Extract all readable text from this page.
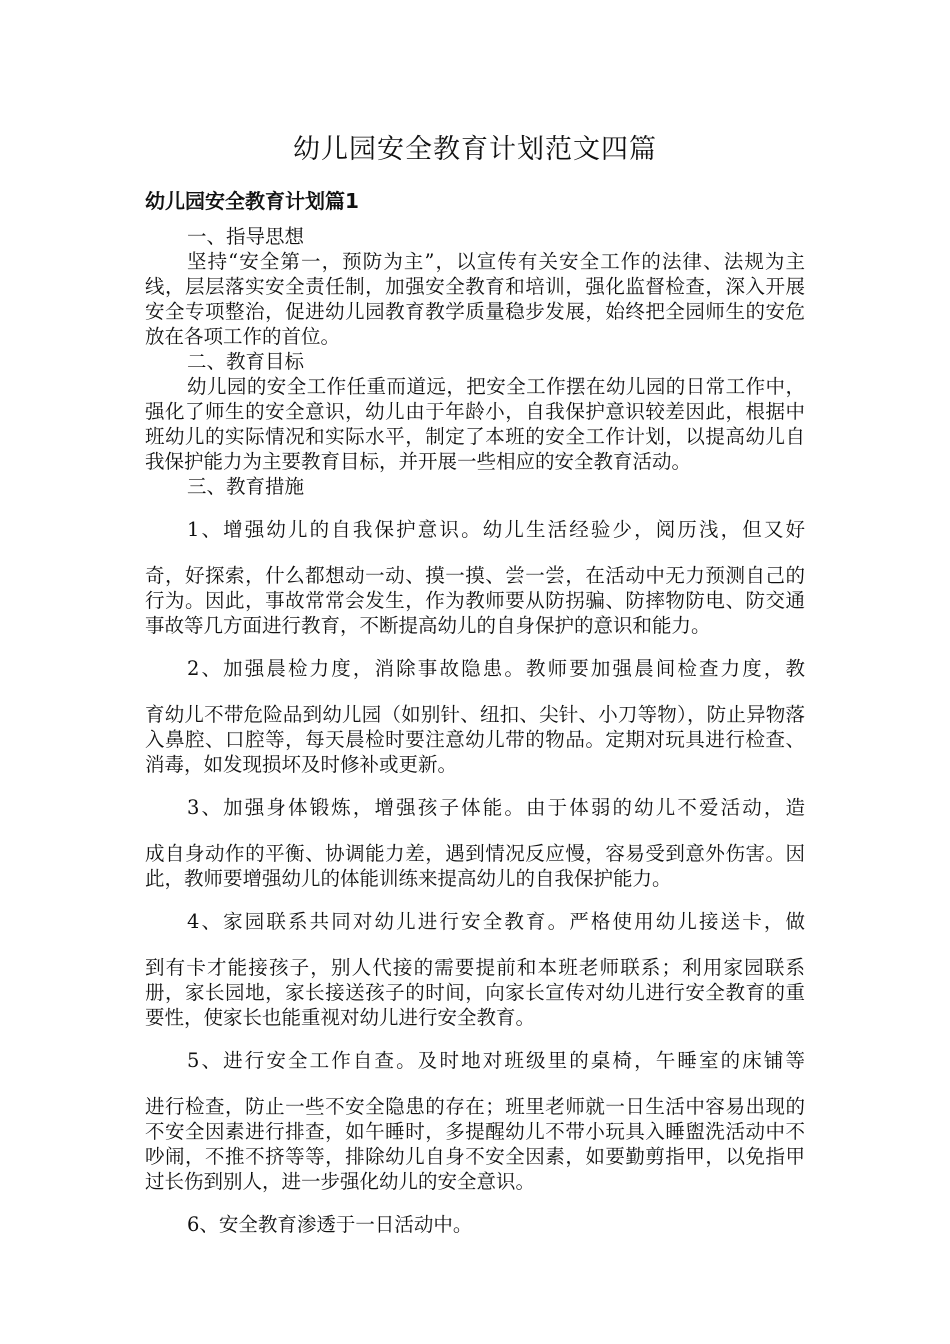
幼儿园安全教育计划范文四篇
幼儿园安全教育计划篇1
一、指导思想

坚持“安全第一，预防为主”，以宣传有关安全工作的法律、法规为主线，层层落实安全责任制，加强安全教育和培训，强化监督检查，深入开展安全专项整治，促进幼儿园教育教学质量稳步发展，始终把全园师生的安危放在各项工作的首位。

二、教育目标

幼儿园的安全工作任重而道远，把安全工作摆在幼儿园的日常工作中，强化了师生的安全意识，幼儿由于年龄小，自我保护意识较差因此，根据中班幼儿的实际情况和实际水平，制定了本班的安全工作计划，以提高幼儿自我保护能力为主要教育目标，并开展一些相应的安全教育活动。

三、教育措施
1、增强幼儿的自我保护意识。幼儿生活经验少，阅历浅，但又好
奇，好探索，什么都想动一动、摸一摸、尝一尝，在活动中无力预测自己的行为。因此，事故常常会发生，作为教师要从防拐骗、防摔物防电、防交通事故等几方面进行教育，不断提高幼儿的自身保护的意识和能力。
2、加强晨检力度，消除事故隐患。教师要加强晨间检查力度，教
育幼儿不带危险品到幼儿园（如别针、纽扣、尖针、小刀等物），防止异物落入鼻腔、口腔等，每天晨检时要注意幼儿带的物品。定期对玩具进行检查、消毒，如发现损坏及时修补或更新。
3、加强身体锻炼，增强孩子体能。由于体弱的幼儿不爱活动，造
成自身动作的平衡、协调能力差，遇到情况反应慢，容易受到意外伤害。因此，教师要增强幼儿的体能训练来提高幼儿的自我保护能力。
4、家园联系共同对幼儿进行安全教育。严格使用幼儿接送卡，做
到有卡才能接孩子，别人代接的需要提前和本班老师联系；利用家园联系册，家长园地，家长接送孩子的时间，向家长宣传对幼儿进行安全教育的重要性，使家长也能重视对幼儿进行安全教育。
5、进行安全工作自查。及时地对班级里的桌椅，午睡室的床铺等
进行检查，防止一些不安全隐患的存在；班里老师就一日生活中容易出现的不安全因素进行排查，如午睡时，多提醒幼儿不带小玩具入睡盥洗活动中不吵闹，不推不挤等等，排除幼儿自身不安全因素，如要勤剪指甲，以免指甲过长伤到别人，进一步强化幼儿的安全意识。
6、安全教育渗透于一日活动中。
